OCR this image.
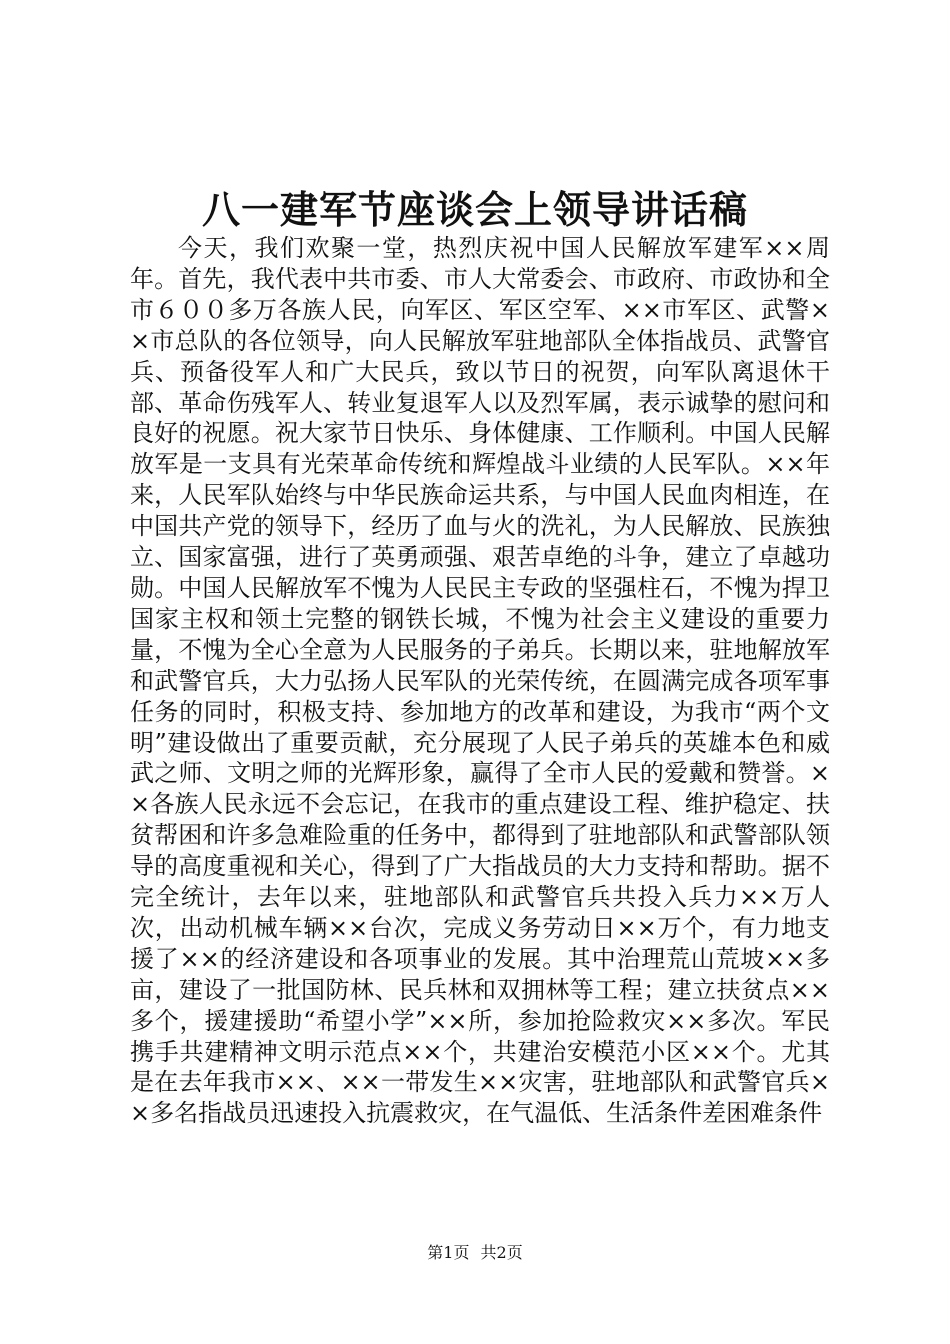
八一建军节座谈会上领导讲话稿

今天，我们欢聚一堂，热烈庆祝中国人民解放军建军××周年。首先，我代表中共市委、市人大常委会、市政府、市政协和全市６００多万各族人民，向军区、军区空军、××市军区、武警××市总队的各位领导，向人民解放军驻地部队全体指战员、武警官兵、预备役军人和广大民兵，致以节日的祝贺，向军队离退休干部、革命伤残军人、转业复退军人以及烈军属，表示诚挚的慰问和良好的祝愿。祝大家节日快乐、身体健康、工作顺利。中国人民解放军是一支具有光荣革命传统和辉煌战斗业绩的人民军队。××年来，人民军队始终与中华民族命运共系，与中国人民血肉相连，在中国共产党的领导下，经历了血与火的洗礼，为人民解放、民族独立、国家富强，进行了英勇顽强、艰苦卓绝的斗争，建立了卓越功勋。中国人民解放军不愧为人民民主专政的坚强柱石，不愧为捍卫国家主权和领土完整的钢铁长城，不愧为社会主义建设的重要力量，不愧为全心全意为人民服务的子弟兵。长期以来，驻地解放军和武警官兵，大力弘扬人民军队的光荣传统，在圆满完成各项军事任务的同时，积极支持、参加地方的改革和建设，为我市“两个文明”建设做出了重要贡献，充分展现了人民子弟兵的英雄本色和威武之师、文明之师的光辉形象，赢得了全市人民的爱戴和赞誉。××各族人民永远不会忘记，在我市的重点建设工程、维护稳定、扶贫帮困和许多急难险重的任务中，都得到了驻地部队和武警部队领导的高度重视和关心，得到了广大指战员的大力支持和帮助。据不完全统计，去年以来，驻地部队和武警官兵共投入兵力××万人次，出动机械车辆××台次，完成义务劳动日××万个，有力地支援了××的经济建设和各项事业的发展。其中治理荒山荒坡××多亩，建设了一批国防林、民兵林和双拥林等工程；建立扶贫点××多个，援建援助“希望小学”××所，参加抢险救灾××多次。军民携手共建精神文明示范点××个，共建治安模范小区××个。尤其是在去年我市××、××一带发生××灾害，驻地部队和武警官兵××多名指战员迅速投入抗震救灾，在气温低、生活条件差困难条件

第1页 共2页
